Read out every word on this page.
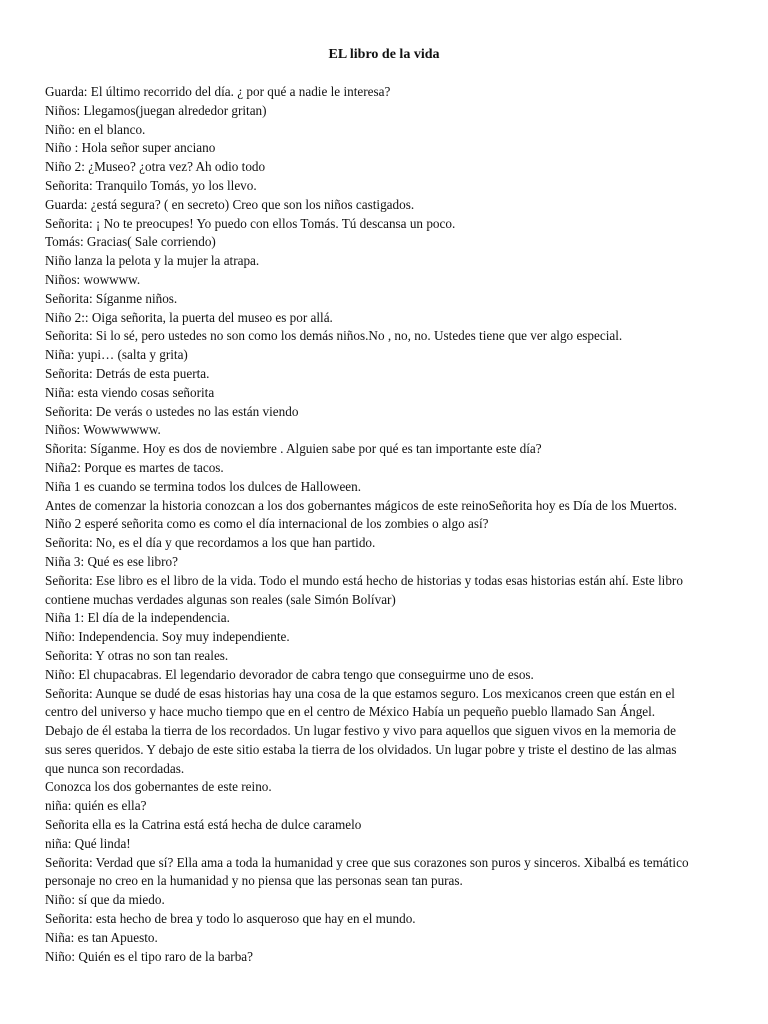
EL libro de la vida
Guarda: El último recorrido del día. ¿ por qué a nadie le interesa?
Niños: Llegamos(juegan alrededor gritan)
Niño: en el blanco.
Niño : Hola señor super anciano
Niño 2: ¿Museo? ¿otra vez? Ah odio todo
Señorita: Tranquilo Tomás, yo los llevo.
Guarda: ¿está segura? ( en secreto) Creo que son los niños castigados.
Señorita: ¡ No te preocupes! Yo puedo con ellos Tomás. Tú descansa un poco.
Tomás: Gracias( Sale corriendo)
Niño lanza la pelota y la mujer la atrapa.
Niños: wowwww.
Señorita: Síganme niños.
Niño 2:: Oiga señorita, la puerta del museo es por allá.
Señorita: Si lo sé, pero ustedes no son como los demás niños.No , no, no. Ustedes tiene que ver algo especial.
Niña: yupi… (salta y grita)
Señorita: Detrás de esta puerta.
Niña: esta viendo cosas señorita
Señorita: De verás o ustedes no las están viendo
Niños: Wowwwwww.
Sñorita: Síganme. Hoy es dos de noviembre . Alguien sabe por qué es tan importante este día?
Niña2: Porque es martes de tacos.
Niña 1 es cuando se termina todos los dulces de Halloween.
Antes de comenzar la historia conozcan a los dos gobernantes mágicos de este reinoSeñorita hoy es Día de los Muertos.
Niño 2 esperé señorita como es como el día internacional de los zombies o algo así?
Señorita: No, es el día y que recordamos a los que han partido.
Niña 3: Qué es ese libro?
Señorita: Ese libro es el libro de la vida. Todo el mundo está hecho de historias y todas esas historias están ahí. Este libro
contiene muchas verdades algunas son reales (sale Simón Bolívar)
Niña 1: El día de la independencia.
Niño: Independencia. Soy muy independiente.
Señorita: Y otras no son tan reales.
Niño: El chupacabras. El legendario devorador de cabra tengo que conseguirme uno de esos.
Señorita: Aunque se dudé de esas historias hay una cosa de la que estamos seguro. Los mexicanos creen que están en el
centro del universo y hace mucho tiempo que en el centro de México Había un pequeño pueblo llamado San Ángel.
Debajo de él estaba la tierra de los recordados. Un lugar festivo y vivo para aquellos que siguen vivos en la memoria de
sus seres queridos. Y debajo de este sitio estaba la tierra de los olvidados. Un lugar pobre y triste el destino de las almas
que nunca son recordadas.
Conozca los dos gobernantes de este reino.
niña: quién es ella?
Señorita ella es la Catrina está está hecha de dulce caramelo
niña: Qué linda!
Señorita: Verdad que sí? Ella ama a toda la humanidad y cree que sus corazones son puros y sinceros. Xibalbá es temático
personaje no creo en la humanidad y no piensa que las personas sean tan puras.
Niño: sí que da miedo.
Señorita: esta hecho de brea y todo lo asqueroso que hay en el mundo.
Niña: es tan Apuesto.
Niño: Quién es el tipo raro de la barba?
